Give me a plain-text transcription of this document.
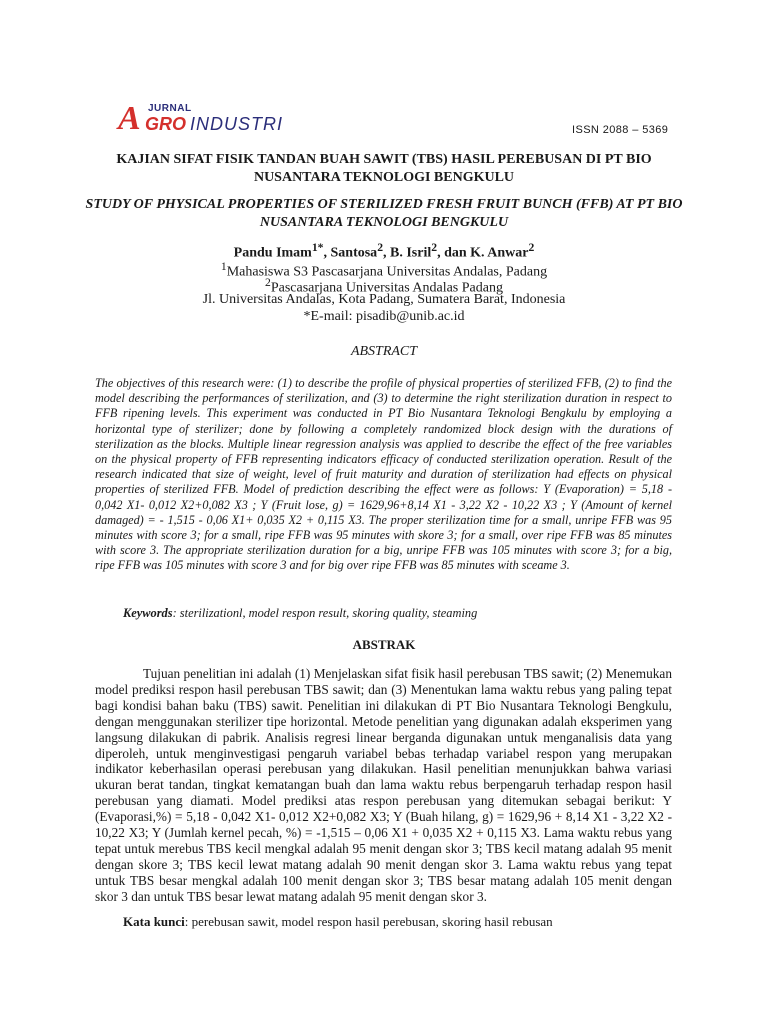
A JURNAL
GRO INDUSTRI	ISSN 2088 – 5369
KAJIAN SIFAT FISIK TANDAN BUAH SAWIT (TBS) HASIL PEREBUSAN DI PT BIO NUSANTARA TEKNOLOGI BENGKULU
STUDY OF PHYSICAL PROPERTIES OF STERILIZED FRESH FRUIT BUNCH (FFB) AT PT BIO NUSANTARA TEKNOLOGI BENGKULU
Pandu Imam$^{1*}$, Santosa$^2$, B. Isril$^2$, dan K. Anwar$^2$
$^1$Mahasiswa S3 Pascasarjana Universitas Andalas, Padang
$^2$Pascasarjana Universitas Andalas Padang
Jl. Universitas Andalas, Kota Padang, Sumatera Barat, Indonesia
*E-mail: pisadib@unib.ac.id
ABSTRACT
The objectives of this research were: (1) to describe the profile of physical properties of sterilized FFB, (2) to find the model describing the performances of sterilization, and (3) to determine the right sterilization duration in respect to FFB ripening levels. This experiment was conducted in PT Bio Nusantara Teknologi Bengkulu by employing a horizontal type of sterilizer; done by following a completely randomized block design with the durations of sterilization as the blocks. Multiple linear regression analysis was applied to describe the effect of the free variables on the physical property of FFB representing indicators efficacy of conducted sterilization operation. Result of the research indicated that size of weight, level of fruit maturity and duration of sterilization had effects on physical properties of sterilized FFB. Model of prediction describing the effect were as follows: Y (Evaporation) = 5,18 - 0,042 X1- 0,012 X2+0,082 X3 ; Y (Fruit lose, g) = 1629,96+8,14 X1 - 3,22 X2 - 10,22 X3 ; Y (Amount of kernel damaged) = - 1,515 - 0,06 X1+ 0,035 X2 + 0,115 X3. The proper sterilization time for a small, unripe FFB was 95 minutes with score 3; for a small, ripe FFB was 95 minutes with skore 3; for a small, over ripe FFB was 85 minutes with score 3. The appropriate sterilization duration for a big, unripe FFB was 105 minutes with score 3; for a big, ripe FFB was 105 minutes with score 3 and for big over ripe FFB was 85 minutes with sceame 3.
Keywords: sterilizationl, model respon result, skoring quality, steaming
ABSTRAK
Tujuan penelitian ini adalah (1) Menjelaskan sifat fisik hasil perebusan TBS sawit; (2) Menemukan model prediksi respon hasil perebusan TBS sawit; dan (3) Menentukan lama waktu rebus yang paling tepat bagi kondisi bahan baku (TBS) sawit. Penelitian ini dilakukan di PT Bio Nusantara Teknologi Bengkulu, dengan menggunakan sterilizer tipe horizontal. Metode penelitian yang digunakan adalah eksperimen yang langsung dilakukan di pabrik. Analisis regresi linear berganda digunakan untuk menganalisis data yang diperoleh, untuk menginvestigasi pengaruh variabel bebas terhadap variabel respon yang merupakan indikator keberhasilan operasi perebusan yang dilakukan. Hasil penelitian menunjukkan bahwa variasi ukuran berat tandan, tingkat kematangan buah dan lama waktu rebus berpengaruh terhadap respon hasil perebusan yang diamati. Model prediksi atas respon perebusan yang ditemukan sebagai berikut: Y (Evaporasi,%) = 5,18 - 0,042 X1- 0,012 X2+0,082 X3; Y (Buah hilang, g) = 1629,96 + 8,14 X1 - 3,22 X2 - 10,22 X3; Y (Jumlah kernel pecah, %) = -1,515 – 0,06 X1 + 0,035 X2 + 0,115 X3. Lama waktu rebus yang tepat untuk merebus TBS kecil mengkal adalah 95 menit dengan skor 3; TBS kecil matang adalah 95 menit dengan skore 3; TBS kecil lewat matang adalah 90 menit dengan skor 3. Lama waktu rebus yang tepat untuk TBS besar mengkal adalah 100 menit dengan skor 3; TBS besar matang adalah 105 menit dengan skor 3 dan untuk TBS besar lewat matang adalah 95 menit dengan skor 3.
Kata kunci: perebusan sawit, model respon hasil perebusan, skoring hasil rebusan
